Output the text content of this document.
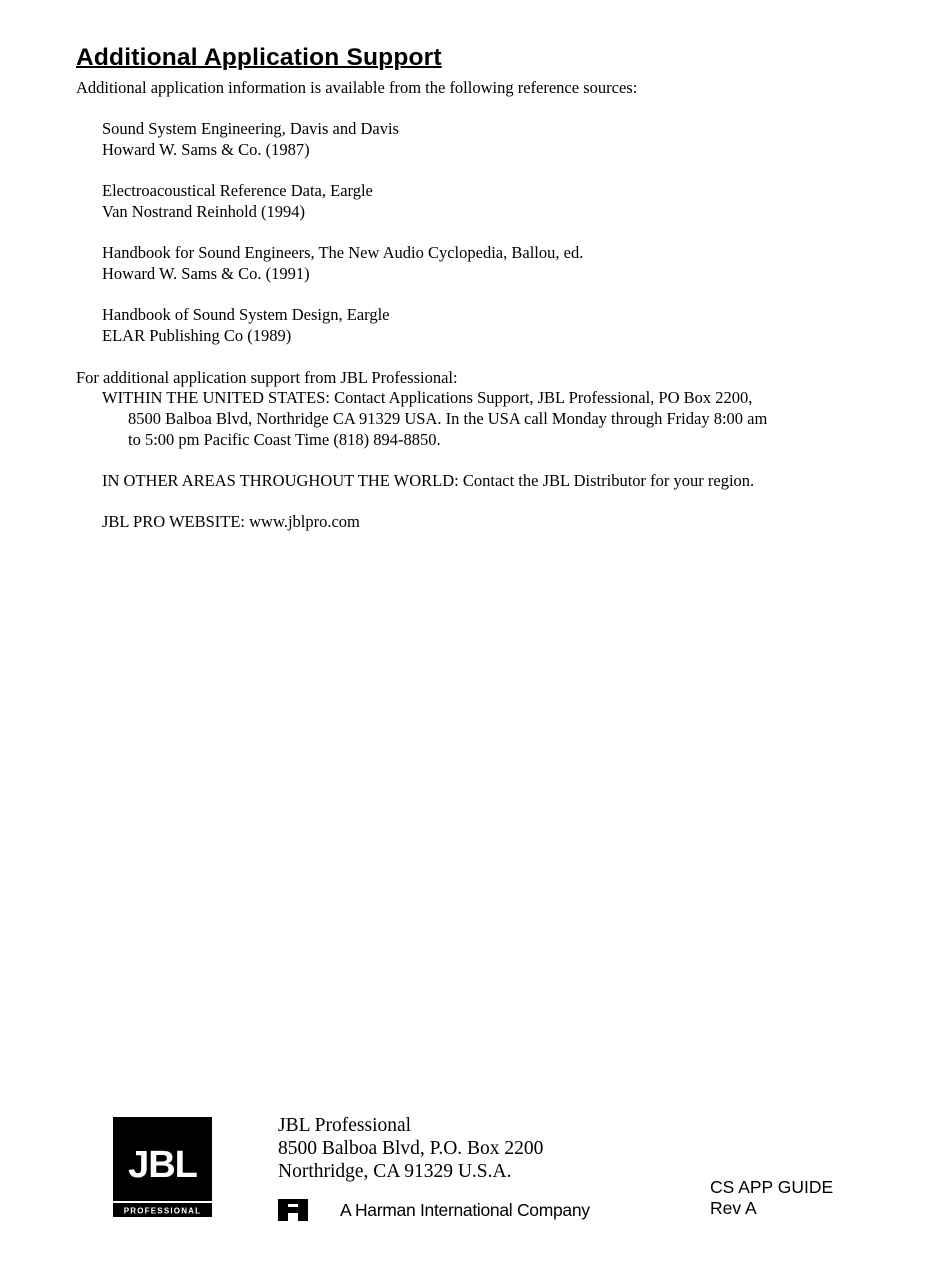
Additional Application Support
Additional application information is available from the following reference sources:
Sound System Engineering, Davis and Davis
Howard W. Sams & Co. (1987)
Electroacoustical Reference Data, Eargle
Van Nostrand Reinhold (1994)
Handbook for Sound Engineers, The New Audio Cyclopedia, Ballou, ed.
Howard W. Sams & Co. (1991)
Handbook of Sound System Design, Eargle
ELAR Publishing Co (1989)
For additional application support from JBL Professional:
WITHIN THE UNITED STATES: Contact Applications Support, JBL Professional, PO Box 2200,
8500 Balboa Blvd, Northridge CA 91329 USA. In the USA call Monday through Friday 8:00 am
to 5:00 pm Pacific Coast Time (818) 894-8850.
IN OTHER AREAS THROUGHOUT THE WORLD: Contact the JBL Distributor for your region.
JBL PRO WEBSITE: www.jblpro.com
JBL
PROFESSIONAL
JBL Professional
8500 Balboa Blvd, P.O. Box 2200
Northridge, CA 91329 U.S.A.
A Harman International Company
CS APP GUIDE
Rev A
